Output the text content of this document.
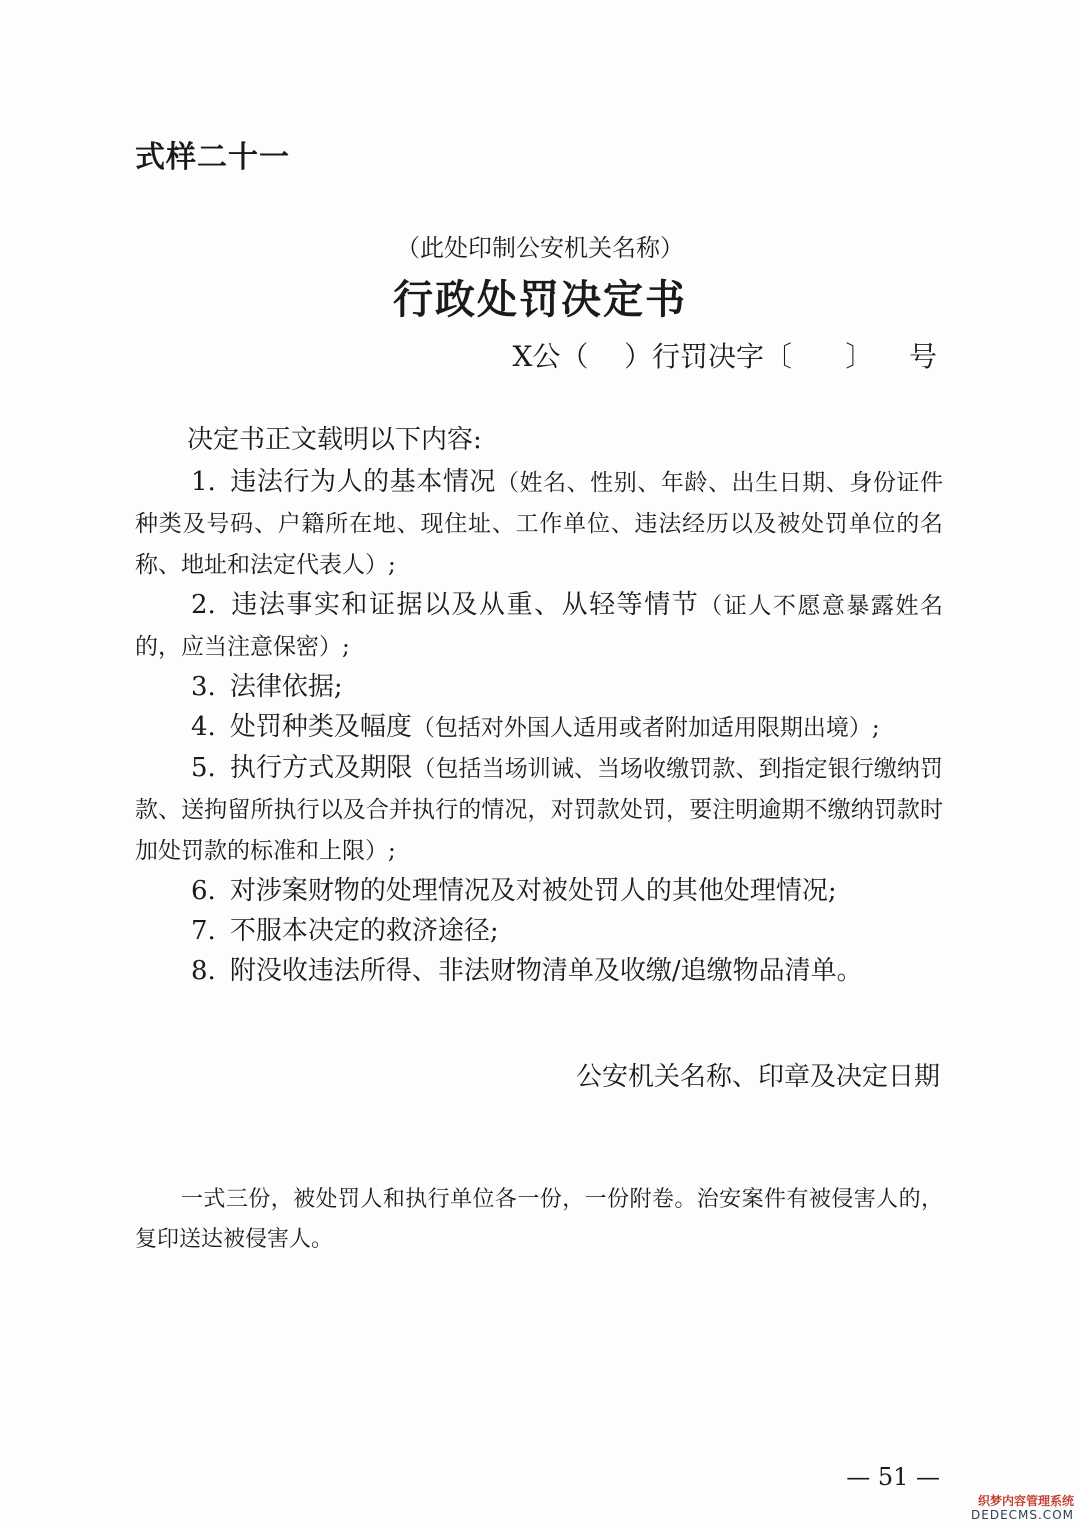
式样二十一
（此处印制公安机关名称）
行政处罚决定书
X公（    ）行罚决字〔      〕    号

决定书正文载明以下内容:

1. 违法行为人的基本情况（姓名、性别、年龄、出生日期、身份证件种类及号码、户籍所在地、现住址、工作单位、违法经历以及被处罚单位的名称、地址和法定代表人）;

2. 违法事实和证据以及从重、从轻等情节（证人不愿意暴露姓名的，应当注意保密）;

3. 法律依据;

4. 处罚种类及幅度（包括对外国人适用或者附加适用限期出境）;

5. 执行方式及期限（包括当场训诫、当场收缴罚款、到指定银行缴纳罚款、送拘留所执行以及合并执行的情况，对罚款处罚，要注明逾期不缴纳罚款时加处罚款的标准和上限）;

6. 对涉案财物的处理情况及对被处罚人的其他处理情况;

7. 不服本决定的救济途径;

8. 附没收违法所得、非法财物清单及收缴/追缴物品清单。

公安机关名称、印章及决定日期
一式三份，被处罚人和执行单位各一份，一份附卷。治安案件有被侵害人的，复印送达被侵害人。
— 51 —
织梦内容管理系统
DEDECMS.COM
